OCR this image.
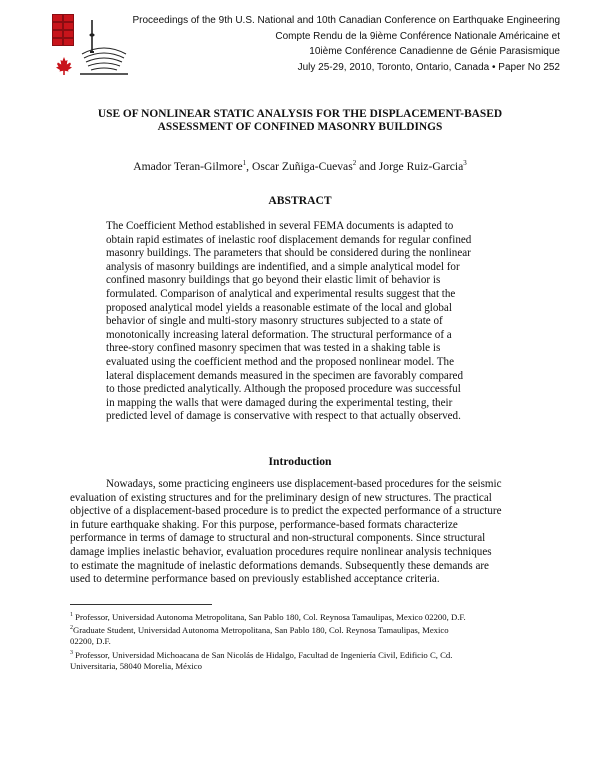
Proceedings of the 9th U.S. National and 10th Canadian Conference on Earthquake Engineering
Compte Rendu de la 9ième Conférence Nationale Américaine et
10ième Conférence Canadienne de Génie Parasismique
July 25-29, 2010, Toronto, Ontario, Canada • Paper No 252
USE OF NONLINEAR STATIC ANALYSIS FOR THE DISPLACEMENT-BASED
ASSESSMENT OF CONFINED MASONRY BUILDINGS
Amador Teran-Gilmore$^1$, Oscar Zuñiga-Cuevas$^2$ and Jorge Ruiz-Garcia$^3$
ABSTRACT
The Coefficient Method established in several FEMA documents is adapted to
obtain rapid estimates of inelastic roof displacement demands for regular confined
masonry buildings. The parameters that should be considered during the nonlinear
analysis of masonry buildings are indentified, and a simple analytical model for
confined masonry buildings that go beyond their elastic limit of behavior is
formulated. Comparison of analytical and experimental results suggest that the
proposed analytical model yields a reasonable estimate of the local and global
behavior of single and multi-story masonry structures subjected to a state of
monotonically increasing lateral deformation. The structural performance of a
three-story confined masonry specimen that was tested in a shaking table is
evaluated using the coefficient method and the proposed nonlinear model. The
lateral displacement demands measured in the specimen are favorably compared
to those predicted analytically. Although the proposed procedure was successful
in mapping the walls that were damaged during the experimental testing, their
predicted level of damage is conservative with respect to that actually observed.
Introduction
Nowadays, some practicing engineers use displacement-based procedures for the seismic
evaluation of existing structures and for the preliminary design of new structures. The practical
objective of a displacement-based procedure is to predict the expected performance of a structure
in future earthquake shaking. For this purpose, performance-based formats characterize
performance in terms of damage to structural and non-structural components. Since structural
damage implies inelastic behavior, evaluation procedures require nonlinear analysis techniques
to estimate the magnitude of inelastic deformations demands. Subsequently these demands are
used to determine performance based on previously established acceptance criteria.
$^1$ Professor, Universidad Autonoma Metropolitana, San Pablo 180, Col. Reynosa Tamaulipas, Mexico 02200, D.F.
$^2$Graduate Student, Universidad Autonoma Metropolitana, San Pablo 180, Col. Reynosa Tamaulipas, Mexico
02200, D.F.
$^3$ Professor, Universidad Michoacana de San Nicolás de Hidalgo, Facultad de Ingeniería Civil, Edificio C, Cd.
Universitaria, 58040 Morelia, México
